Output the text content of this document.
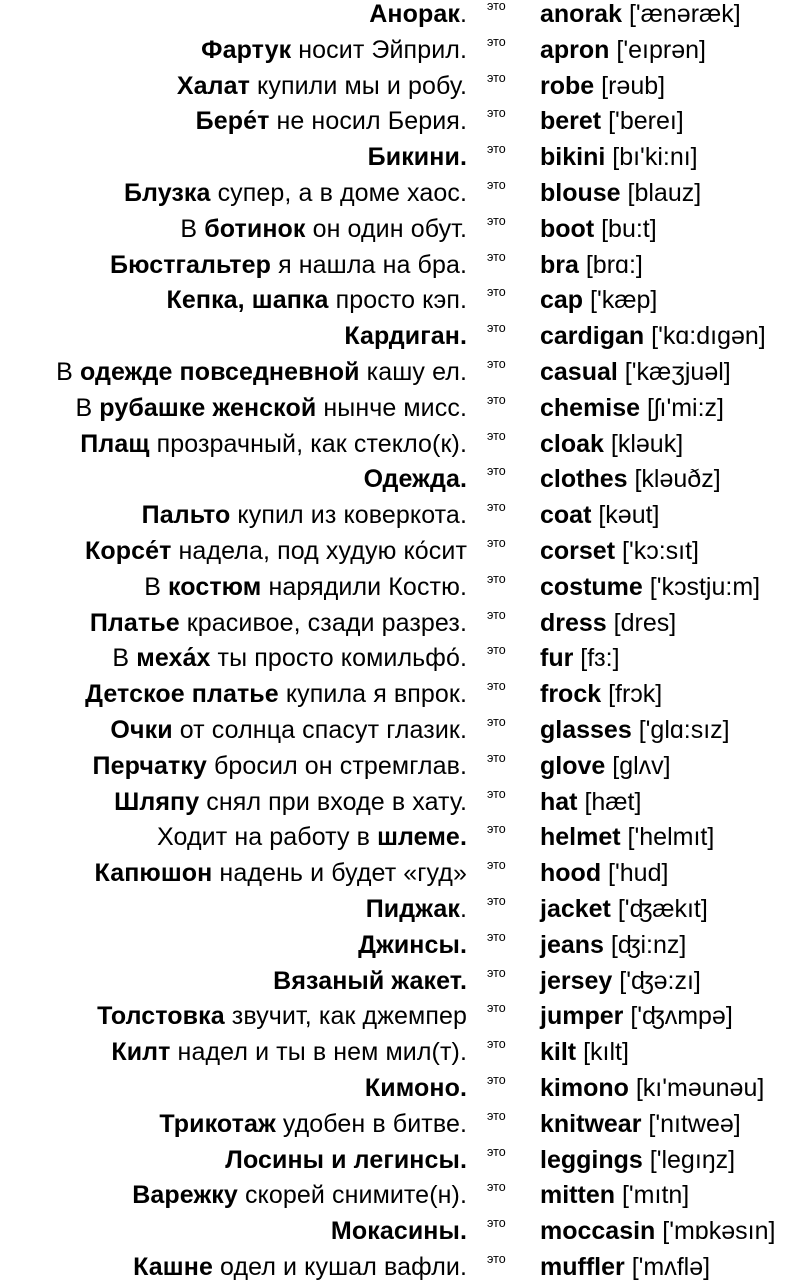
Анорак. это anorak ['ænəræk]
Фартук носит Эйприл. это apron ['eıprən]
Халат купили мы и робу. это robe [rəub]
Бере́т не носил Берия. это beret ['bereı]
Бикини. это bikini [bı'ki:nı]
Блузка супер, а в доме хаос. это blouse [blauz]
В ботинок он один обут. это boot [bu:t]
Бюстгальтер я нашла на бра. это bra [brɑ:]
Кепка, шапка просто кэп. это cap ['kæp]
Кардиган. это cardigan ['kɑ:dıgən]
В одежде повседневной кашу ел. это casual ['kæʒjuəl]
В рубашке женской нынче мисс. это chemise [ʃı'mi:z]
Плащ прозрачный, как стекло(к). это cloak [kləuk]
Одежда. это clothes [kləuðz]
Пальто купил из коверкота. это coat [kəut]
Корсе́т надела, под худую ко́сит это corset ['kɔ:sıt]
В костюм нарядили Костю. это costume ['kɔstju:m]
Платье красивое, сзади разрез. это dress [dres]
В меха́х ты просто комильфо́. это fur [fɜ:]
Детское платье купила я впрок. это frock [frɔk]
Очки от солнца спасут глазик. это glasses ['glɑ:sız]
Перчатку бросил он стремглав. это glove [glʌv]
Шляпу снял при входе в хату. это hat [hæt]
Ходит на работу в шлеме. это helmet ['helmıt]
Капюшон надень и будет «гуд» это hood ['hud]
Пиджак. это jacket ['ʤækıt]
Джинсы. это jeans [ʤi:nz]
Вязаный жакет. это jersey ['ʤə:zı]
Толстовка звучит, как джемпер это jumper ['ʤʌmpə]
Килт надел и ты в нем мил(т). это kilt [kılt]
Кимоно. это kimono [kı'məunəu]
Трикотаж удобен в битве. это knitwear ['nıtweə]
Лосины и легинсы. это leggings ['legıŋz]
Варежку скорей снимите(н). это mitten ['mıtn]
Мокасины. это moccasin ['mɒkəsın]
Кашне одел и кушал вафли. это muffler ['mʌflə]
